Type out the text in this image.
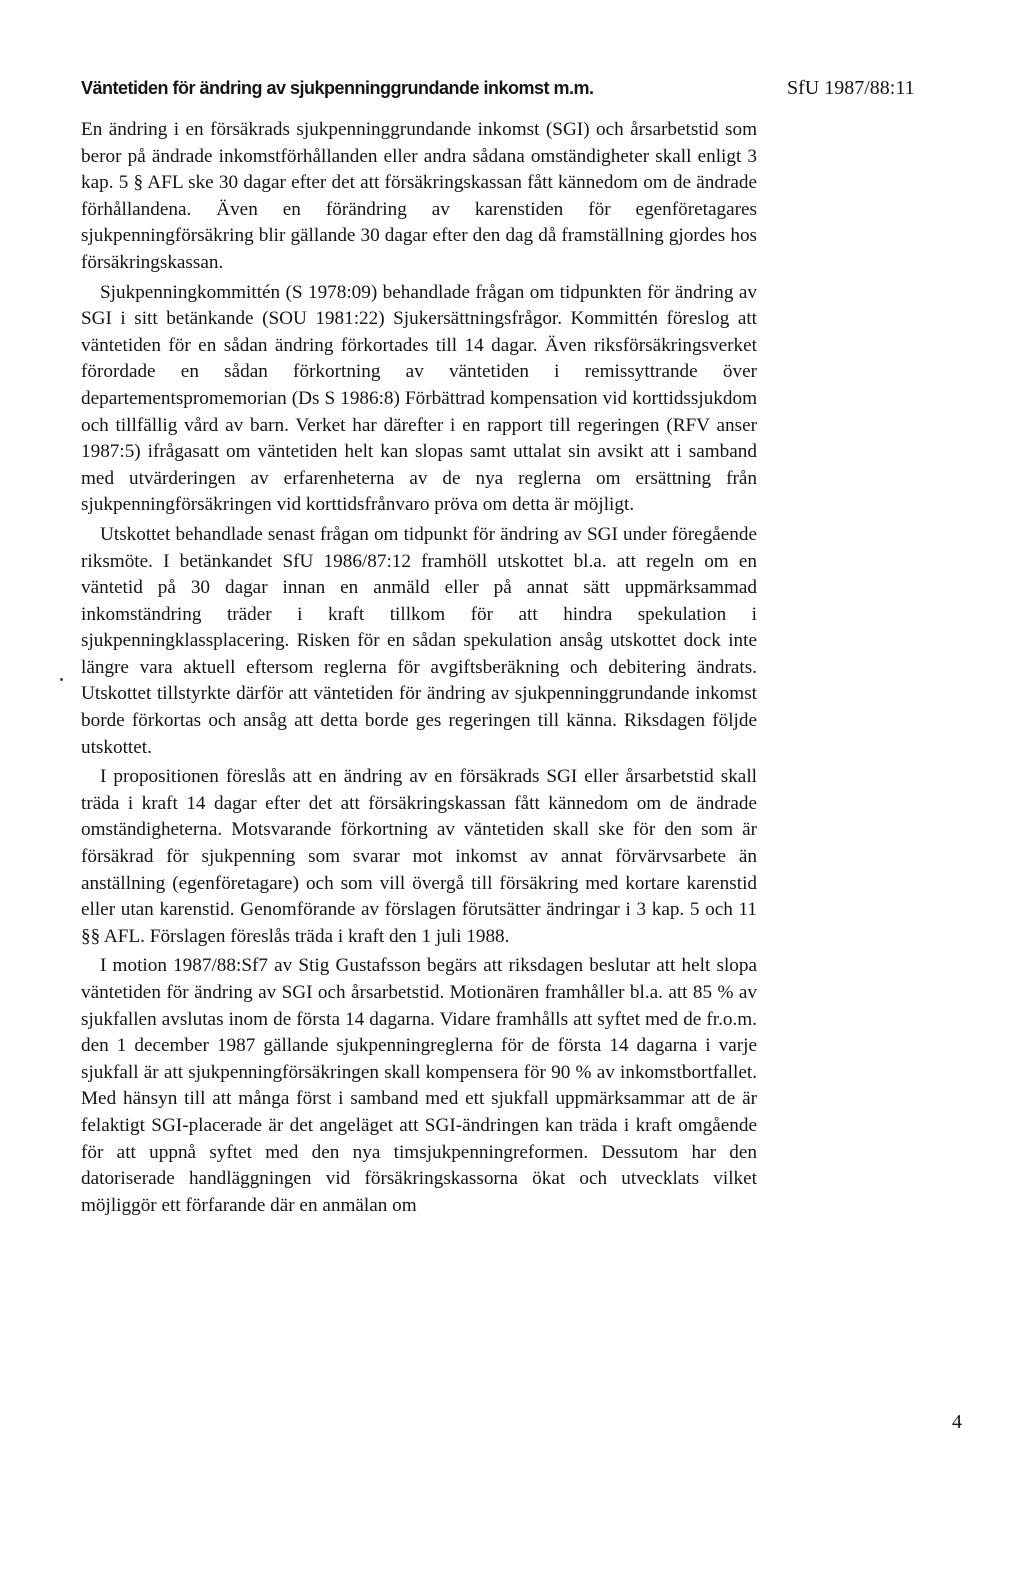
Väntetiden för ändring av sjukpenninggrundande inkomst m.m.	SfU 1987/88:11

En ändring i en försäkrads sjukpenninggrundande inkomst (SGI) och årsarbetstid som beror på ändrade inkomstförhållanden eller andra sådana omständigheter skall enligt 3 kap. 5 § AFL ske 30 dagar efter det att försäkringskassan fått kännedom om de ändrade förhållandena. Även en förändring av karenstiden för egenföretagares sjukpenningförsäkring blir gällande 30 dagar efter den dag då framställning gjordes hos försäkringskassan.

Sjukpenningkommittén (S 1978:09) behandlade frågan om tidpunkten för ändring av SGI i sitt betänkande (SOU 1981:22) Sjukersättningsfrågor. Kommittén föreslog att väntetiden för en sådan ändring förkortades till 14 dagar. Även riksförsäkringsverket förordade en sådan förkortning av väntetiden i remissyttrande över departementspromemorian (Ds S 1986:8) Förbättrad kompensation vid korttidssjukdom och tillfällig vård av barn. Verket har därefter i en rapport till regeringen (RFV anser 1987:5) ifrågasatt om väntetiden helt kan slopas samt uttalat sin avsikt att i samband med utvärderingen av erfarenheterna av de nya reglerna om ersättning från sjukpenningförsäkringen vid korttidsfrånvaro pröva om detta är möjligt.

Utskottet behandlade senast frågan om tidpunkt för ändring av SGI under föregående riksmöte. I betänkandet SfU 1986/87:12 framhöll utskottet bl.a. att regeln om en väntetid på 30 dagar innan en anmäld eller på annat sätt uppmärksammad inkomständring träder i kraft tillkom för att hindra spekulation i sjukpenningklassplacering. Risken för en sådan spekulation ansåg utskottet dock inte längre vara aktuell eftersom reglerna för avgiftsberäkning och debitering ändrats. Utskottet tillstyrkte därför att väntetiden för ändring av sjukpenninggrundande inkomst borde förkortas och ansåg att detta borde ges regeringen till känna. Riksdagen följde utskottet.

I propositionen föreslås att en ändring av en försäkrads SGI eller årsarbetstid skall träda i kraft 14 dagar efter det att försäkringskassan fått kännedom om de ändrade omständigheterna. Motsvarande förkortning av väntetiden skall ske för den som är försäkrad för sjukpenning som svarar mot inkomst av annat förvärvsarbete än anställning (egenföretagare) och som vill övergå till försäkring med kortare karenstid eller utan karenstid. Genomförande av förslagen förutsätter ändringar i 3 kap. 5 och 11 §§ AFL. Förslagen föreslås träda i kraft den 1 juli 1988.

I motion 1987/88:Sf7 av Stig Gustafsson begärs att riksdagen beslutar att helt slopa väntetiden för ändring av SGI och årsarbetstid. Motionären framhåller bl.a. att 85 % av sjukfallen avslutas inom de första 14 dagarna. Vidare framhålls att syftet med de fr.o.m. den 1 december 1987 gällande sjukpenningreglerna för de första 14 dagarna i varje sjukfall är att sjukpenningförsäkringen skall kompensera för 90 % av inkomstbortfallet. Med hänsyn till att många först i samband med ett sjukfall uppmärksammar att de är felaktigt SGI-placerade är det angeläget att SGI-ändringen kan träda i kraft omgående för att uppnå syftet med den nya timsjukpenningreformen. Dessutom har den datoriserade handläggningen vid försäkringskassorna ökat och utvecklats vilket möjliggör ett förfarande där en anmälan om

4
